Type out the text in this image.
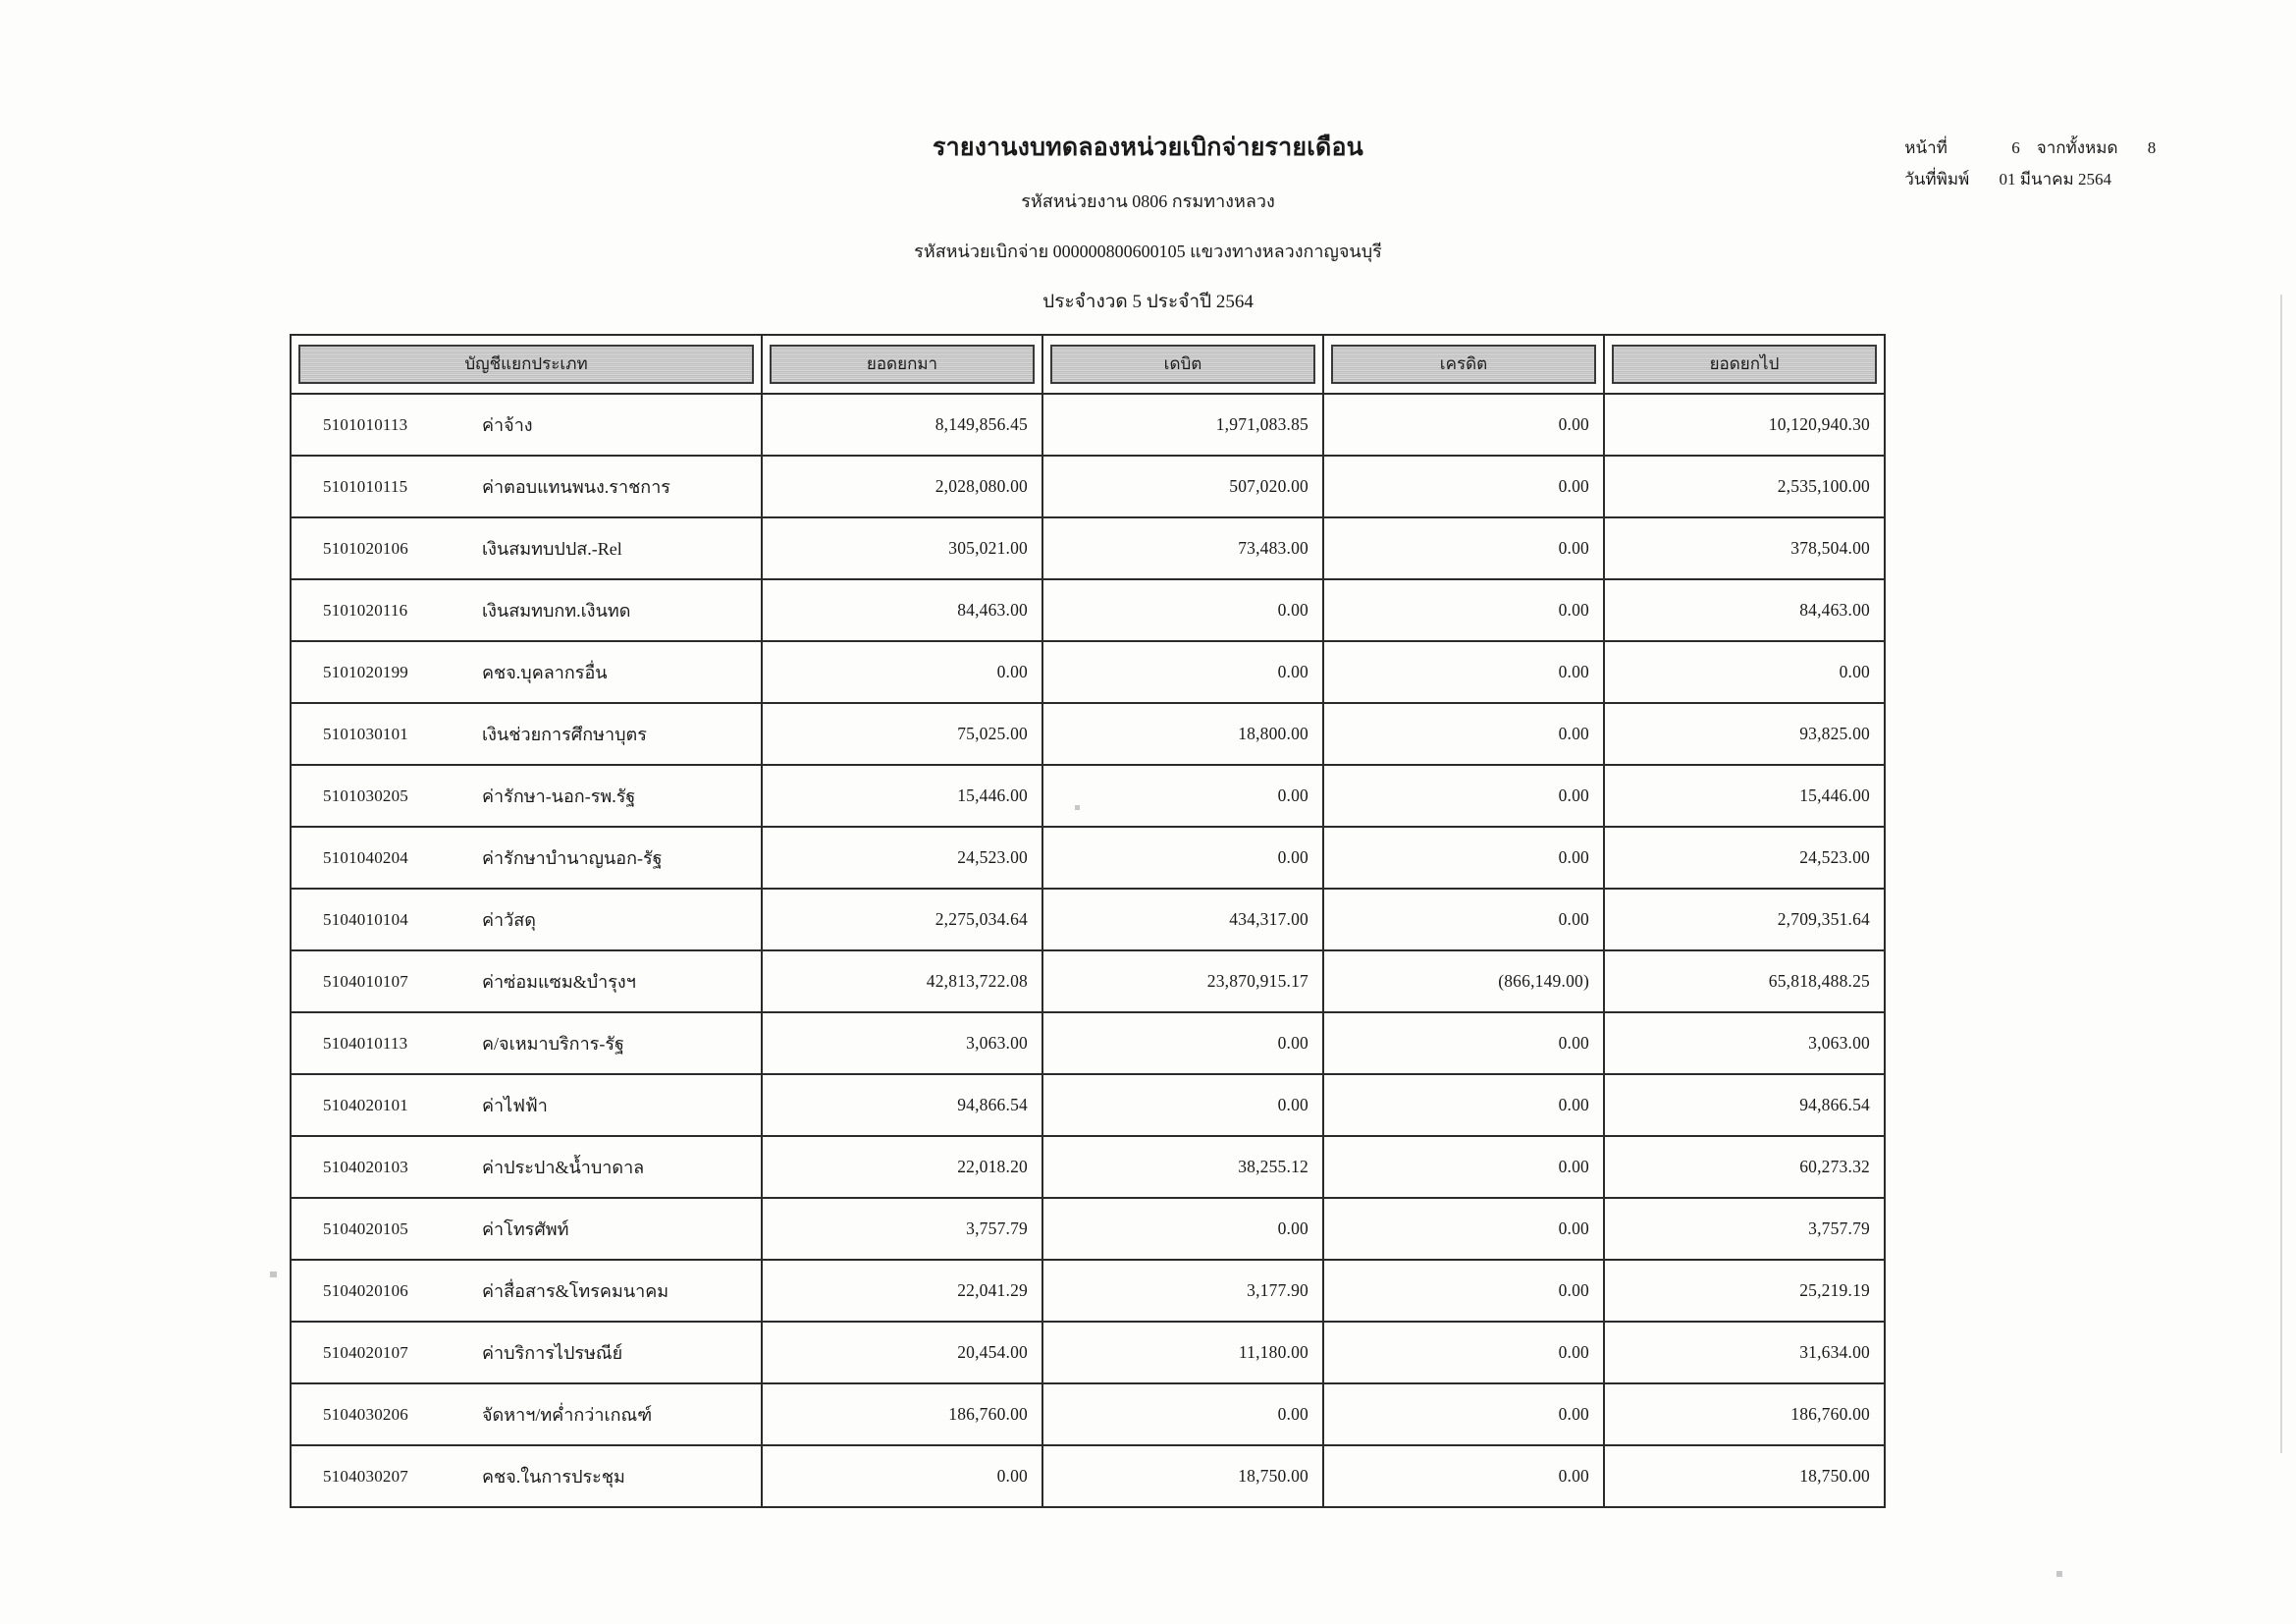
รายงานงบทดลองหน่วยเบิกจ่ายรายเดือน
รหัสหน่วยงาน 0806 กรมทางหลวง
รหัสหน่วยเบิกจ่าย 000000800600105 แขวงทางหลวงกาญจนบุรี
ประจำงวด 5 ประจำปี 2564
หน้าที่	6 จากทั้งหมด 8
วันที่พิมพ์ 01 มีนาคม 2564
บัญชีแยกประเภท	ยอดยกมา	เดบิต	เครดิต	ยอดยกไป

5101010113 ค่าจ้าง	8,149,856.45	1,971,083.85	0.00	10,120,940.30

5101010115 ค่าตอบแทนพนง.ราชการ	2,028,080.00	507,020.00	0.00	2,535,100.00

5101020106 เงินสมทบปปส.-Rel	305,021.00	73,483.00	0.00	378,504.00

5101020116 เงินสมทบกท.เงินทด	84,463.00	0.00	0.00	84,463.00

5101020199 คชจ.บุคลากรอื่น	0.00	0.00	0.00	0.00

5101030101 เงินช่วยการศึกษาบุตร	75,025.00	18,800.00	0.00	93,825.00

5101030205 ค่ารักษา-นอก-รพ.รัฐ	15,446.00	0.00	0.00	15,446.00

5101040204 ค่ารักษาบำนาญนอก-รัฐ	24,523.00	0.00	0.00	24,523.00

5104010104 ค่าวัสดุ	2,275,034.64	434,317.00	0.00	2,709,351.64

5104010107 ค่าซ่อมแซม&บำรุงฯ	42,813,722.08	23,870,915.17	(866,149.00)	65,818,488.25

5104010113 ค/จเหมาบริการ-รัฐ	3,063.00	0.00	0.00	3,063.00

5104020101 ค่าไฟฟ้า	94,866.54	0.00	0.00	94,866.54

5104020103 ค่าประปา&น้ำบาดาล	22,018.20	38,255.12	0.00	60,273.32

5104020105 ค่าโทรศัพท์	3,757.79	0.00	0.00	3,757.79

5104020106 ค่าสื่อสาร&โทรคมนาคม	22,041.29	3,177.90	0.00	25,219.19

5104020107 ค่าบริการไปรษณีย์	20,454.00	11,180.00	0.00	31,634.00

5104030206 จัดหาฯ/ทค่ำกว่าเกณฑ์	186,760.00	0.00	0.00	186,760.00

5104030207 คชจ.ในการประชุม	0.00	18,750.00	0.00	18,750.00
